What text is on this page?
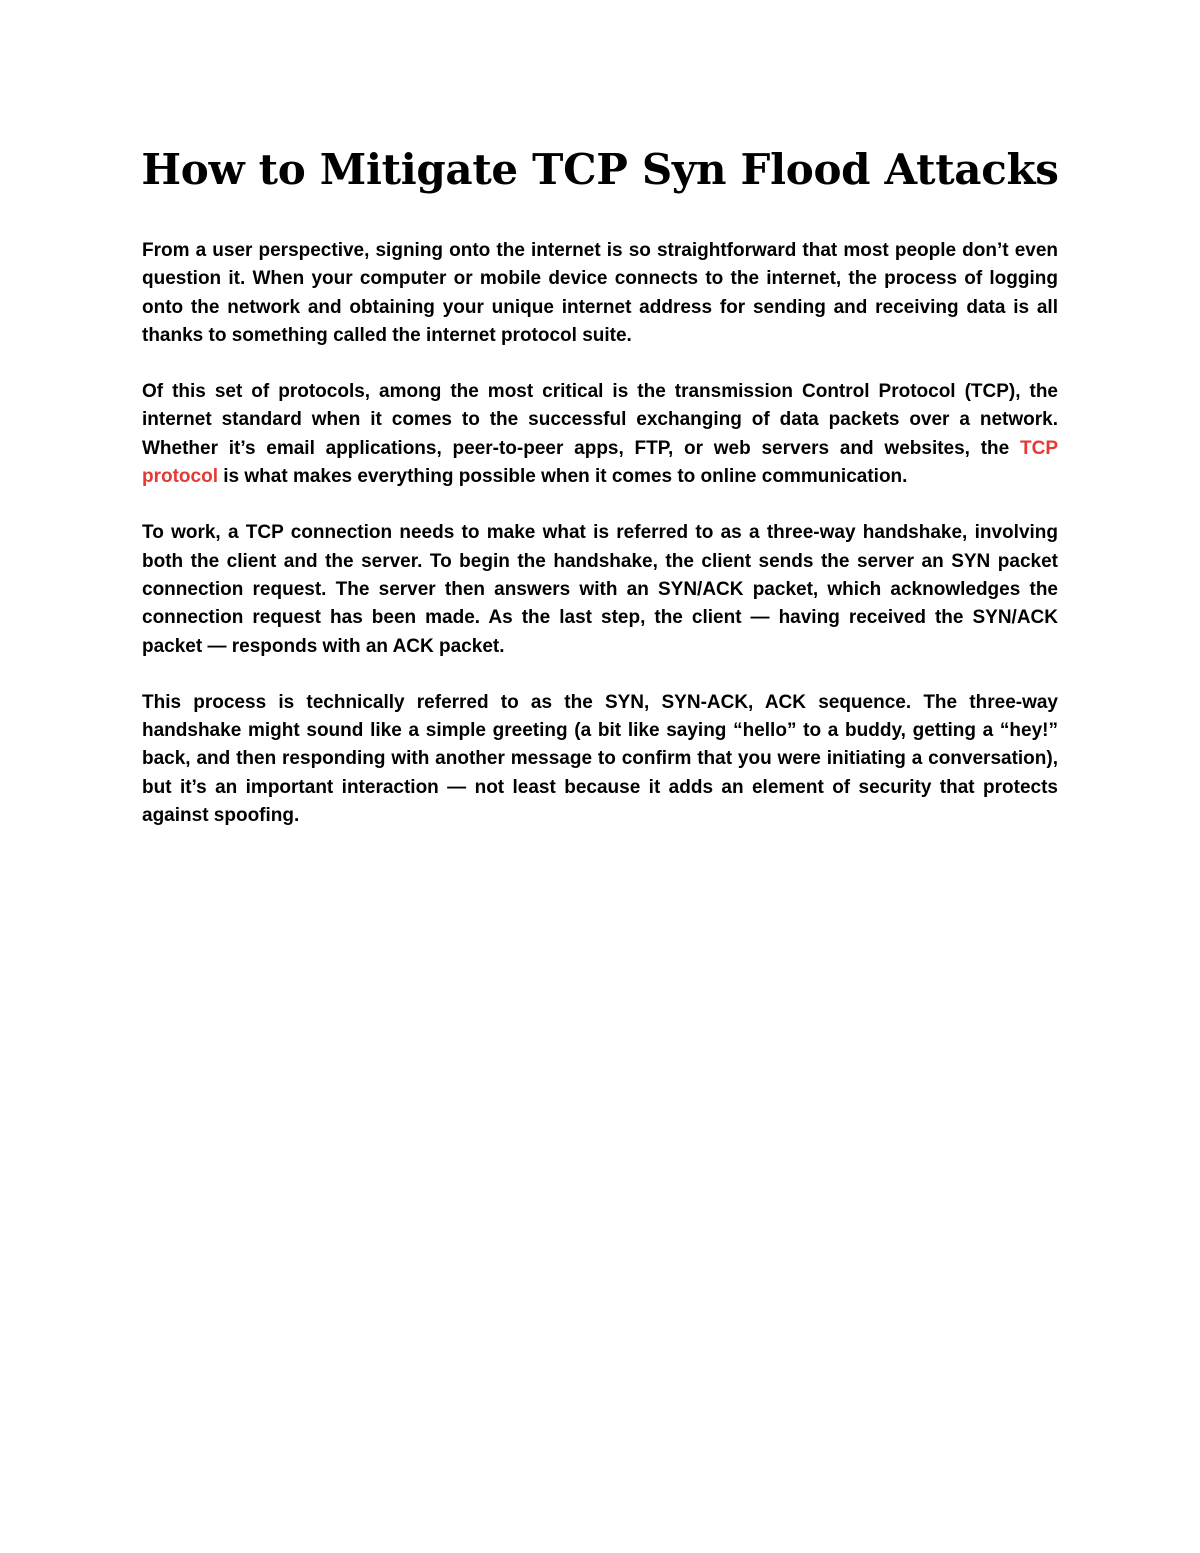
How to Mitigate TCP Syn Flood Attacks

From a user perspective, signing onto the internet is so straightforward that most people don’t even question it. When your computer or mobile device connects to the internet, the process of logging onto the network and obtaining your unique internet address for sending and receiving data is all thanks to something called the internet protocol suite.

Of this set of protocols, among the most critical is the transmission Control Protocol (TCP), the internet standard when it comes to the successful exchanging of data packets over a network. Whether it’s email applications, peer-to-peer apps, FTP, or web servers and websites, the TCP protocol is what makes everything possible when it comes to online communication.

To work, a TCP connection needs to make what is referred to as a three-way handshake, involving both the client and the server. To begin the handshake, the client sends the server an SYN packet connection request. The server then answers with an SYN/ACK packet, which acknowledges the connection request has been made. As the last step, the client — having received the SYN/ACK packet — responds with an ACK packet.

This process is technically referred to as the SYN, SYN-ACK, ACK sequence. The three-way handshake might sound like a simple greeting (a bit like saying “hello” to a buddy, getting a “hey!” back, and then responding with another message to confirm that you were initiating a conversation), but it’s an important interaction — not least because it adds an element of security that protects against spoofing.
